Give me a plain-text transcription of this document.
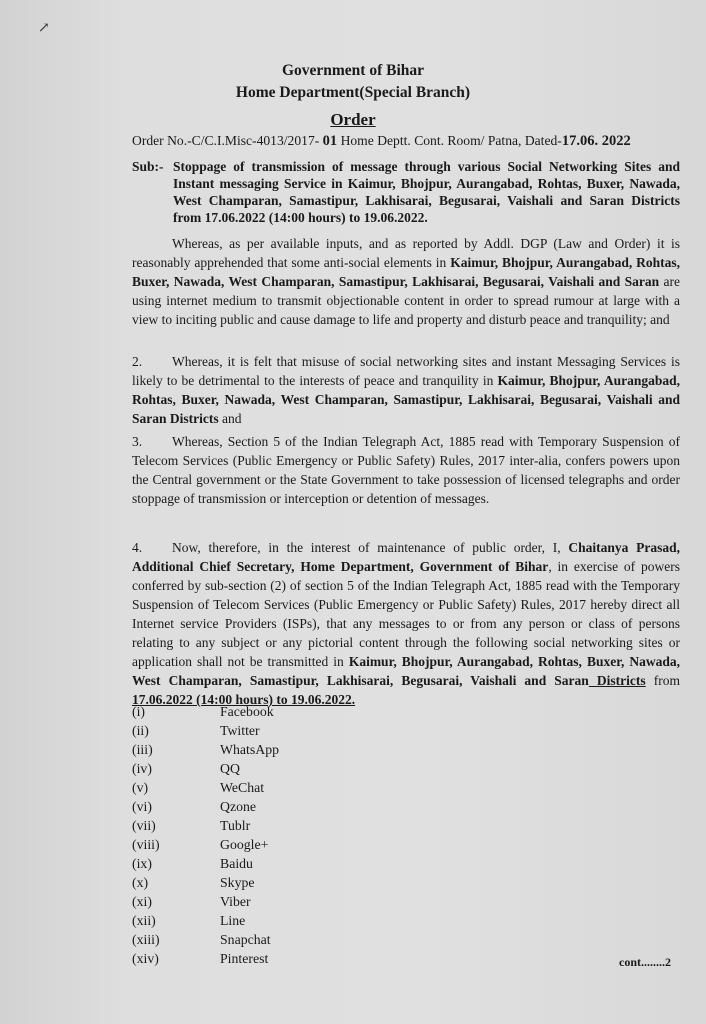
↗
Government of Bihar
Home Department(Special Branch)
Order
Order No.-C/C.I.Misc-4013/2017- 01 Home Deptt. Cont. Room/ Patna, Dated-17.06. 2022
Sub:- Stoppage of transmission of message through various Social Networking Sites and Instant messaging Service in Kaimur, Bhojpur, Aurangabad, Rohtas, Buxer, Nawada, West Champaran, Samastipur, Lakhisarai, Begusarai, Vaishali and Saran Districts from 17.06.2022 (14:00 hours) to 19.06.2022.
Whereas, as per available inputs, and as reported by Addl. DGP (Law and Order) it is reasonably apprehended that some anti-social elements in Kaimur, Bhojpur, Aurangabad, Rohtas, Buxer, Nawada, West Champaran, Samastipur, Lakhisarai, Begusarai, Vaishali and Saran are using internet medium to transmit objectionable content in order to spread rumour at large with a view to inciting public and cause damage to life and property and disturb peace and tranquility; and
2. Whereas, it is felt that misuse of social networking sites and instant Messaging Services is likely to be detrimental to the interests of peace and tranquility in Kaimur, Bhojpur, Aurangabad, Rohtas, Buxer, Nawada, West Champaran, Samastipur, Lakhisarai, Begusarai, Vaishali and Saran Districts and
3. Whereas, Section 5 of the Indian Telegraph Act, 1885 read with Temporary Suspension of Telecom Services (Public Emergency or Public Safety) Rules, 2017 inter-alia, confers powers upon the Central government or the State Government to take possession of licensed telegraphs and order stoppage of transmission or interception or detention of messages.
4. Now, therefore, in the interest of maintenance of public order, I, Chaitanya Prasad, Additional Chief Secretary, Home Department, Government of Bihar, in exercise of powers conferred by sub-section (2) of section 5 of the Indian Telegraph Act, 1885 read with the Temporary Suspension of Telecom Services (Public Emergency or Public Safety) Rules, 2017 hereby direct all Internet service Providers (ISPs), that any messages to or from any person or class of persons relating to any subject or any pictorial content through the following social networking sites or application shall not be transmitted in Kaimur, Bhojpur, Aurangabad, Rohtas, Buxer, Nawada, West Champaran, Samastipur, Lakhisarai, Begusarai, Vaishali and Saran Districts from 17.06.2022 (14:00 hours) to 19.06.2022.
(i)	Facebook
(ii)	Twitter
(iii)	WhatsApp
(iv)	QQ
(v)	WeChat
(vi)	Qzone
(vii)	Tublr
(viii)	Google+
(ix)	Baidu
(x)	Skype
(xi)	Viber
(xii)	Line
(xiii)	Snapchat
(xiv)	Pinterest	cont........2
